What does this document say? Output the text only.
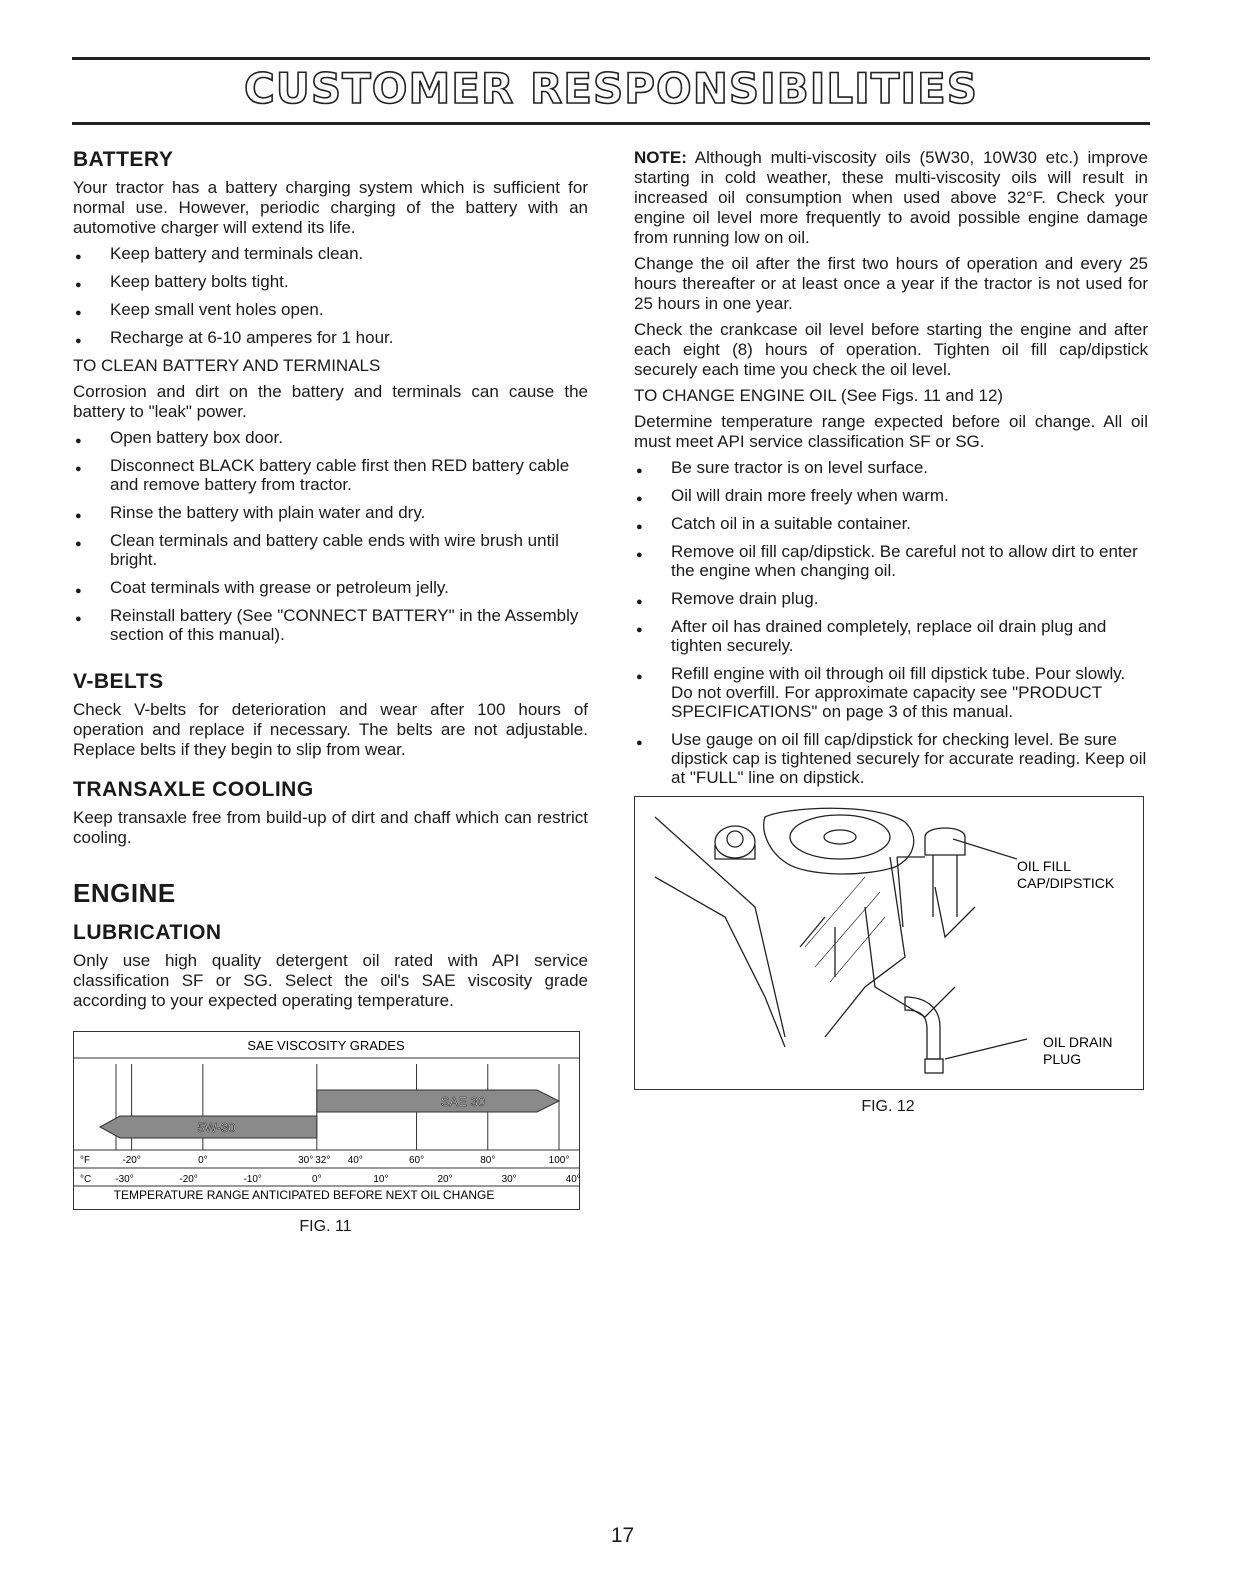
CUSTOMER RESPONSIBILITIES
BATTERY

Your tractor has a battery charging system which is sufficient for normal use. However, periodic charging of the battery with an automotive charger will extend its life.

● Keep battery and terminals clean.
● Keep battery bolts tight.
● Keep small vent holes open.
● Recharge at 6-10 amperes for 1 hour.
TO CLEAN BATTERY AND TERMINALS

Corrosion and dirt on the battery and terminals can cause the battery to "leak" power.

● Open battery box door.
● Disconnect BLACK battery cable first then RED battery cable and remove battery from tractor.
● Rinse the battery with plain water and dry.
● Clean terminals and battery cable ends with wire brush until bright.
● Coat terminals with grease or petroleum jelly.
● Reinstall battery (See "CONNECT BATTERY" in the Assembly section of this manual).
V-BELTS

Check V-belts for deterioration and wear after 100 hours of operation and replace if necessary. The belts are not adjustable. Replace belts if they begin to slip from wear.

TRANSAXLE COOLING

Keep transaxle free from build-up of dirt and chaff which can restrict cooling.

ENGINE
LUBRICATION

Only use high quality detergent oil rated with API service classification SF or SG. Select the oil's SAE viscosity grade according to your expected operating temperature.

SAE VISCOSITY GRADES
5W-30
SAE 30
°F	-20°	0°	30° 32° 40°	60°	80°	100°
°C -30°	-20°	-10°	0°	10°	20°	30°	40°
TEMPERATURE RANGE ANTICIPATED BEFORE NEXT OIL CHANGE
FIG. 11

NOTE: Although multi-viscosity oils (5W30, 10W30 etc.) improve starting in cold weather, these multi-viscosity oils will result in increased oil consumption when used above 32°F. Check your engine oil level more frequently to avoid possible engine damage from running low on oil.

Change the oil after the first two hours of operation and every 25 hours thereafter or at least once a year if the tractor is not used for 25 hours in one year.

Check the crankcase oil level before starting the engine and after each eight (8) hours of operation. Tighten oil fill cap/dipstick securely each time you check the oil level.

TO CHANGE ENGINE OIL (See Figs. 11 and 12)

Determine temperature range expected before oil change. All oil must meet API service classification SF or SG.

● Be sure tractor is on level surface.
● Oil will drain more freely when warm.
● Catch oil in a suitable container.
● Remove oil fill cap/dipstick. Be careful not to allow dirt to enter the engine when changing oil.
● Remove drain plug.
● After oil has drained completely, replace oil drain plug and tighten securely.
● Refill engine with oil through oil fill dipstick tube. Pour slowly. Do not overfill. For approximate capacity see "PRODUCT SPECIFICATIONS" on page 3 of this manual.
● Use gauge on oil fill cap/dipstick for checking level. Be sure dipstick cap is tightened securely for accurate reading. Keep oil at "FULL" line on dipstick.
OIL FILL
CAP/DIPSTICK
OIL DRAIN
PLUG
FIG. 12
17
